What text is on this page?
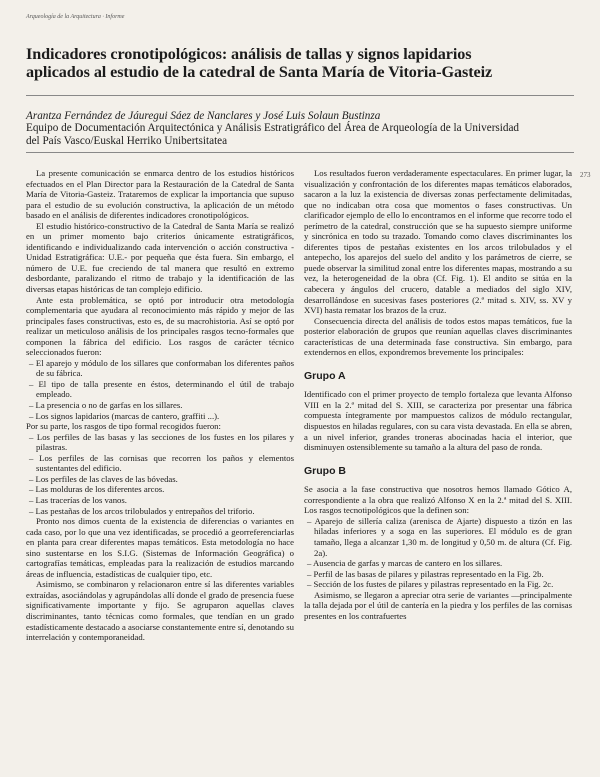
Arqueología de la Arquitectura · Informe
Indicadores cronotipológicos: análisis de tallas y signos lapidarios
aplicados al estudio de la catedral de Santa María de Vitoria-Gasteiz
Arantza Fernández de Jáuregui Sáez de Nanclares y José Luis Solaun Bustinza
Equipo de Documentación Arquitectónica y Análisis Estratigráfico del Área de Arqueología de la Universidad
del País Vasco/Euskal Herriko Unibertsitatea
273

La presente comunicación se enmarca dentro de los estudios históricos efectuados en el Plan Director para la Restauración de la Catedral de Santa María de Vitoria-Gasteiz. Trataremos de explicar la importancia que supuso para el estudio de su evolución constructiva, la aplicación de un método basado en el análisis de diferentes indicadores cronotipológicos.

El estudio histórico-constructivo de la Catedral de Santa María se realizó en un primer momento bajo criterios únicamente estratigráficos, identificando e individualizando cada intervención o acción constructiva -Unidad Estratigráfica: U.E.- por pequeña que ésta fuera. Sin embargo, el número de U.E. fue creciendo de tal manera que resultó en extremo desbordante, paralizando el ritmo de trabajo y la identificación de las diversas etapas históricas de tan complejo edificio.

Ante esta problemática, se optó por introducir otra metodología complementaria que ayudara al reconocimiento más rápido y mejor de las principales fases constructivas, esto es, de su macrohistoria. Así se optó por realizar un meticuloso análisis de los principales rasgos tecno-formales que componen la fábrica del edificio. Los rasgos de carácter técnico seleccionados fueron:

– El aparejo y módulo de los sillares que conformaban los diferentes paños de su fábrica.
– El tipo de talla presente en éstos, determinando el útil de trabajo empleado.
– La presencia o no de garfas en los sillares.
– Los signos lapidarios (marcas de cantero, graffiti ...).

Por su parte, los rasgos de tipo formal recogidos fueron:

– Los perfiles de las basas y las secciones de los fustes en los pilares y pilastras.
– Los perfiles de las cornisas que recorren los paños y elementos sustentantes del edificio.
– Los perfiles de las claves de las bóvedas.
– Las molduras de los diferentes arcos.
– Las tracerías de los vanos.
– Las pestañas de los arcos trilobulados y entrepaños del triforio.

Pronto nos dimos cuenta de la existencia de diferencias o variantes en cada caso, por lo que una vez identificadas, se procedió a georreferenciarlas en planta para crear diferentes mapas temáticos. Esta metodología no hace sino sustentarse en los S.I.G. (Sistemas de Información Geográfica) o cartografías temáticas, empleadas para la realización de estudios marcando áreas de influencia, estadísticas de cualquier tipo, etc.

Asimismo, se combinaron y relacionaron entre sí las diferentes variables extraídas, asociándolas y agrupándolas allí donde el grado de presencia fuese significativamente importante y fijo. Se agruparon aquellas claves discriminantes, tanto técnicas como formales, que tendían en un grado estadísticamente destacado a asociarse constantemente entre sí, denotando su interrelación y contemporaneidad.

Los resultados fueron verdaderamente espectaculares. En primer lugar, la visualización y confrontación de los diferentes mapas temáticos elaborados, sacaron a la luz la existencia de diversas zonas perfectamente delimitadas, que no indicaban otra cosa que momentos o fases constructivas. Un clarificador ejemplo de ello lo encontramos en el informe que recorre todo el perímetro de la catedral, construcción que se ha supuesto siempre uniforme y sincrónica en todo su trazado. Tomando como claves discriminantes los diferentes tipos de pestañas existentes en los arcos trilobulados y el antepecho, los aparejos del suelo del andito y los parámetros de cierre, se puede observar la similitud zonal entre los diferentes mapas, mostrando a su vez, la heterogeneidad de la obra (Cf. Fig. 1). El andito se sitúa en la cabecera y ángulos del crucero, datable a mediados del siglo XIV, desarrollándose en sucesivas fases posteriores (2.ª mitad s. XIV, ss. XV y XVI) hasta rematar los brazos de la cruz.

Consecuencia directa del análisis de todos estos mapas temáticos, fue la posterior elaboración de grupos que reunían aquellas claves discriminantes características de una determinada fase constructiva. Sin embargo, para extendernos en ellos, expondremos brevemente los principales:

Grupo A

Identificado con el primer proyecto de templo fortaleza que levanta Alfonso VIII en la 2.ª mitad del S. XIII, se caracteriza por presentar una fábrica compuesta íntegramente por mampuestos calizos de módulo rectangular, dispuestos en hiladas regulares, con su cara vista devastada. En ella se abren, a un nivel inferior, grandes troneras abocinadas hacia el interior, que disminuyen ostensiblemente su tamaño a la altura del paso de ronda.

Grupo B

Se asocia a la fase constructiva que nosotros hemos llamado Gótico A, correspondiente a la obra que realizó Alfonso X en la 2.ª mitad del S. XIII. Los rasgos tecnotipológicos que la definen son:

– Aparejo de sillería caliza (arenisca de Ajarte) dispuesto a tizón en las hiladas inferiores y a soga en las superiores. El módulo es de gran tamaño, llega a alcanzar 1,30 m. de longitud y 0,50 m. de altura (Cf. Fig. 2a).
– Ausencia de garfas y marcas de cantero en los sillares.
– Perfil de las basas de pilares y pilastras representado en la Fig. 2b.
– Sección de los fustes de pilares y pilastras representado en la Fig. 2c.

Asimismo, se llegaron a apreciar otra serie de variantes —principalmente la talla dejada por el útil de cantería en la piedra y los perfiles de las cornisas presentes en los contrafuertes
